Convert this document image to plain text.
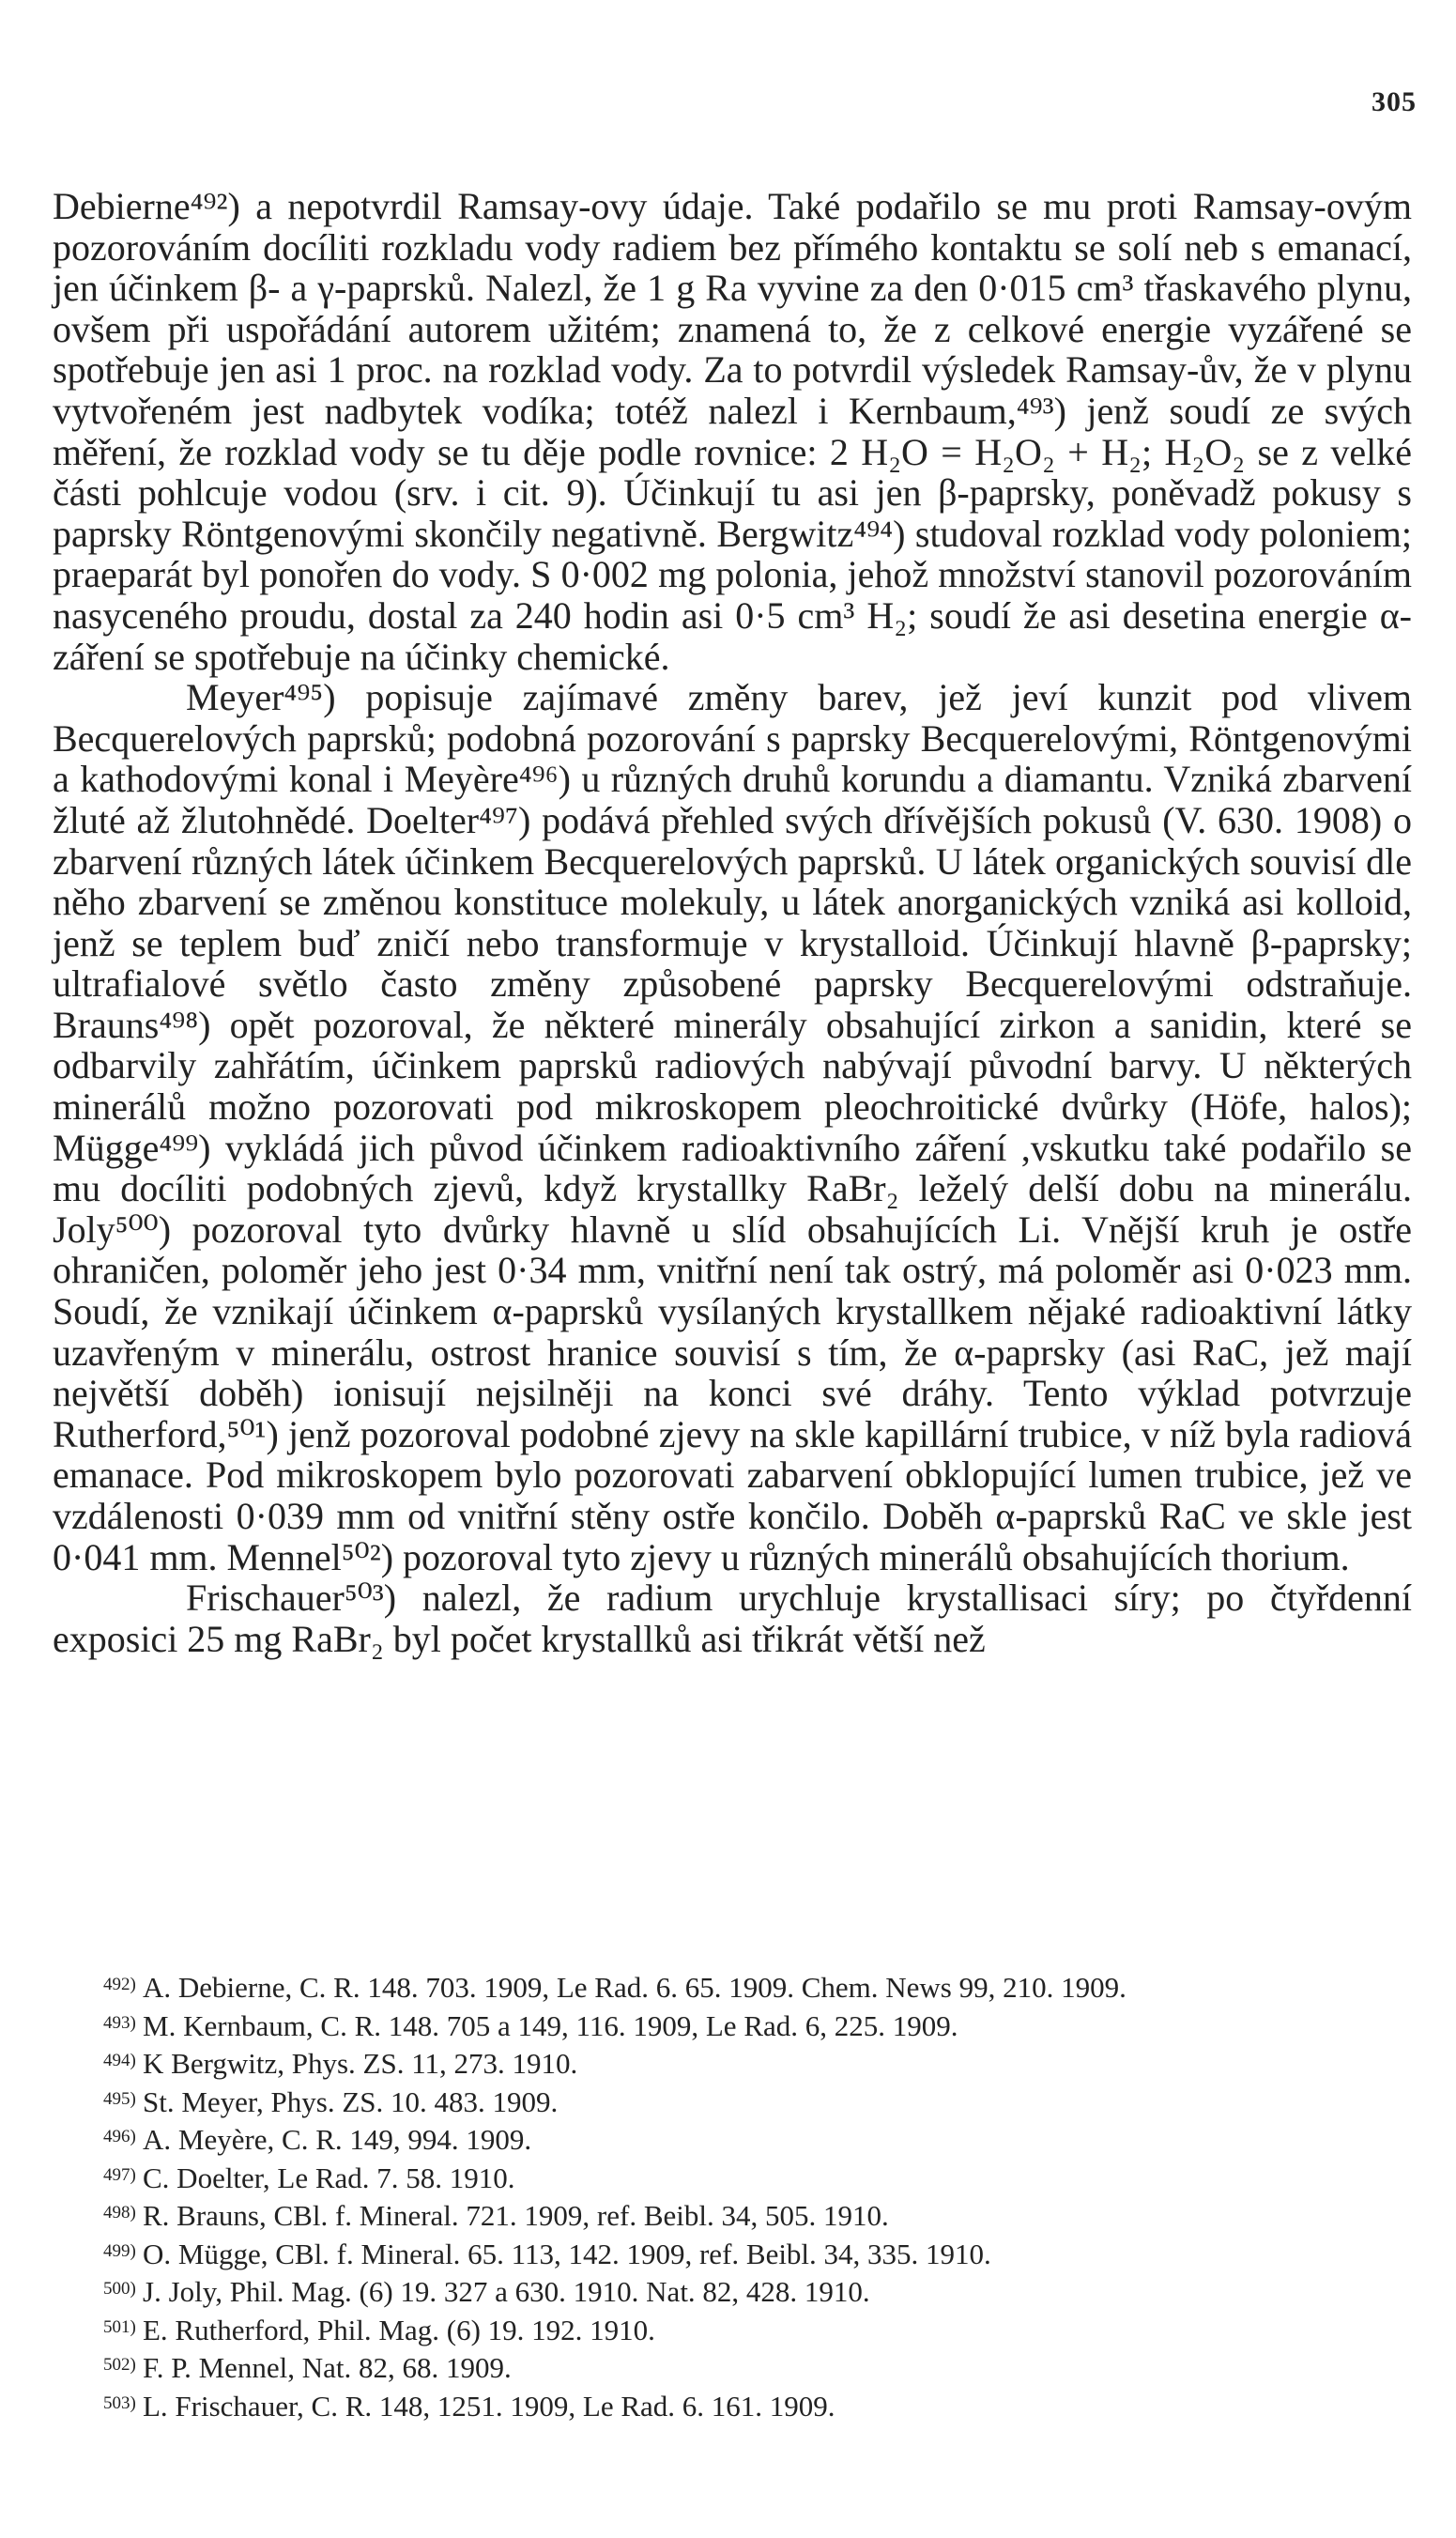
305

Debierne⁴⁹²) a nepotvrdil Ramsay-ovy údaje. Také podařilo se mu proti Ramsay-ovým pozorováním docíliti rozkladu vody radiem bez přímého kontaktu se solí neb s emanací, jen účinkem β- a γ-paprsků. Nalezl, že 1 g Ra vyvine za den 0·015 cm³ třaskavého plynu, ovšem při uspořádání autorem užitém; znamená to, že z celkové energie vyzářené se spotřebuje jen asi 1 proc. na rozklad vody. Za to potvrdil výsledek Ramsay-ův, že v plynu vytvořeném jest nadbytek vodíka; totéž nalezl i Kernbaum,⁴⁹³) jenž soudí ze svých měření, že rozklad vody se tu děje podle rovnice: 2 H₂O = H₂O₂ + H₂; H₂O₂ se z velké části pohlcuje vodou (srv. i cit. 9). Účinkují tu asi jen β-paprsky, poněvadž pokusy s paprsky Röntgenovými skončily negativně. Bergwitz⁴⁹⁴) studoval rozklad vody poloniem; praeparát byl ponořen do vody. S 0·002 mg polonia, jehož množství stanovil pozorováním nasyceného proudu, dostal za 240 hodin asi 0·5 cm³ H₂; soudí že asi desetina energie α-záření se spotřebuje na účinky chemické.

Meyer⁴⁹⁵) popisuje zajímavé změny barev, jež jeví kunzit pod vlivem Becquerelových paprsků; podobná pozorování s paprsky Becquerelovými, Röntgenovými a kathodovými konal i Meyère⁴⁹⁶) u různých druhů korundu a diamantu. Vzniká zbarvení žluté až žlutohnědé. Doelter⁴⁹⁷) podává přehled svých dřívějších pokusů (V. 630. 1908) o zbarvení různých látek účinkem Becquerelových paprsků. U látek organických souvisí dle něho zbarvení se změnou konstituce molekuly, u látek anorganických vzniká asi kolloid, jenž se teplem buď zničí nebo transformuje v krystalloid. Účinkují hlavně β-paprsky; ultrafialové světlo často změny způsobené paprsky Becquerelovými odstraňuje. Brauns⁴⁹⁸) opět pozoroval, že některé minerály obsahující zirkon a sanidin, které se odbarvily zahřátím, účinkem paprsků radiových nabývají původní barvy. U některých minerálů možno pozorovati pod mikroskopem pleochroitické dvůrky (Höfe, halos); Mügge⁴⁹⁹) vykládá jich původ účinkem radioaktivního záření ,vskutku také podařilo se mu docíliti podobných zjevů, když krystallky RaBr₂ leželý delší dobu na minerálu. Joly⁵⁰⁰) pozoroval tyto dvůrky hlavně u slíd obsahujících Li. Vnější kruh je ostře ohraničen, poloměr jeho jest 0·34 mm, vnitřní není tak ostrý, má poloměr asi 0·023 mm. Soudí, že vznikají účinkem α-paprsků vysílaných krystallkem nějaké radioaktivní látky uzavřeným v minerálu, ostrost hranice souvisí s tím, že α-paprsky (asi RaC, jež mají největší doběh) ionisují nejsilněji na konci své dráhy. Tento výklad potvrzuje Rutherford,⁵⁰¹) jenž pozoroval podobné zjevy na skle kapillární trubice, v níž byla radiová emanace. Pod mikroskopem bylo pozorovati zabarvení obklopující lumen trubice, jež ve vzdálenosti 0·039 mm od vnitřní stěny ostře končilo. Doběh α-paprsků RaC ve skle jest 0·041 mm. Mennel⁵⁰²) pozoroval tyto zjevy u různých minerálů obsahujících thorium.

Frischauer⁵⁰³) nalezl, že radium urychluje krystallisaci síry; po čtyřdenní exposici 25 mg RaBr₂ byl počet krystallků asi třikrát větší než

492) A. Debierne, C. R. 148. 703. 1909, Le Rad. 6. 65. 1909. Chem. News 99, 210. 1909.

493) M. Kernbaum, C. R. 148. 705 a 149, 116. 1909, Le Rad. 6, 225. 1909.

494) K Bergwitz, Phys. ZS. 11, 273. 1910.

495) St. Meyer, Phys. ZS. 10. 483. 1909.

496) A. Meyère, C. R. 149, 994. 1909.

497) C. Doelter, Le Rad. 7. 58. 1910.

498) R. Brauns, CBl. f. Mineral. 721. 1909, ref. Beibl. 34, 505. 1910.

499) O. Mügge, CBl. f. Mineral. 65. 113, 142. 1909, ref. Beibl. 34, 335. 1910.

500) J. Joly, Phil. Mag. (6) 19. 327 a 630. 1910. Nat. 82, 428. 1910.

501) E. Rutherford, Phil. Mag. (6) 19. 192. 1910.

502) F. P. Mennel, Nat. 82, 68. 1909.

503) L. Frischauer, C. R. 148, 1251. 1909, Le Rad. 6. 161. 1909.
